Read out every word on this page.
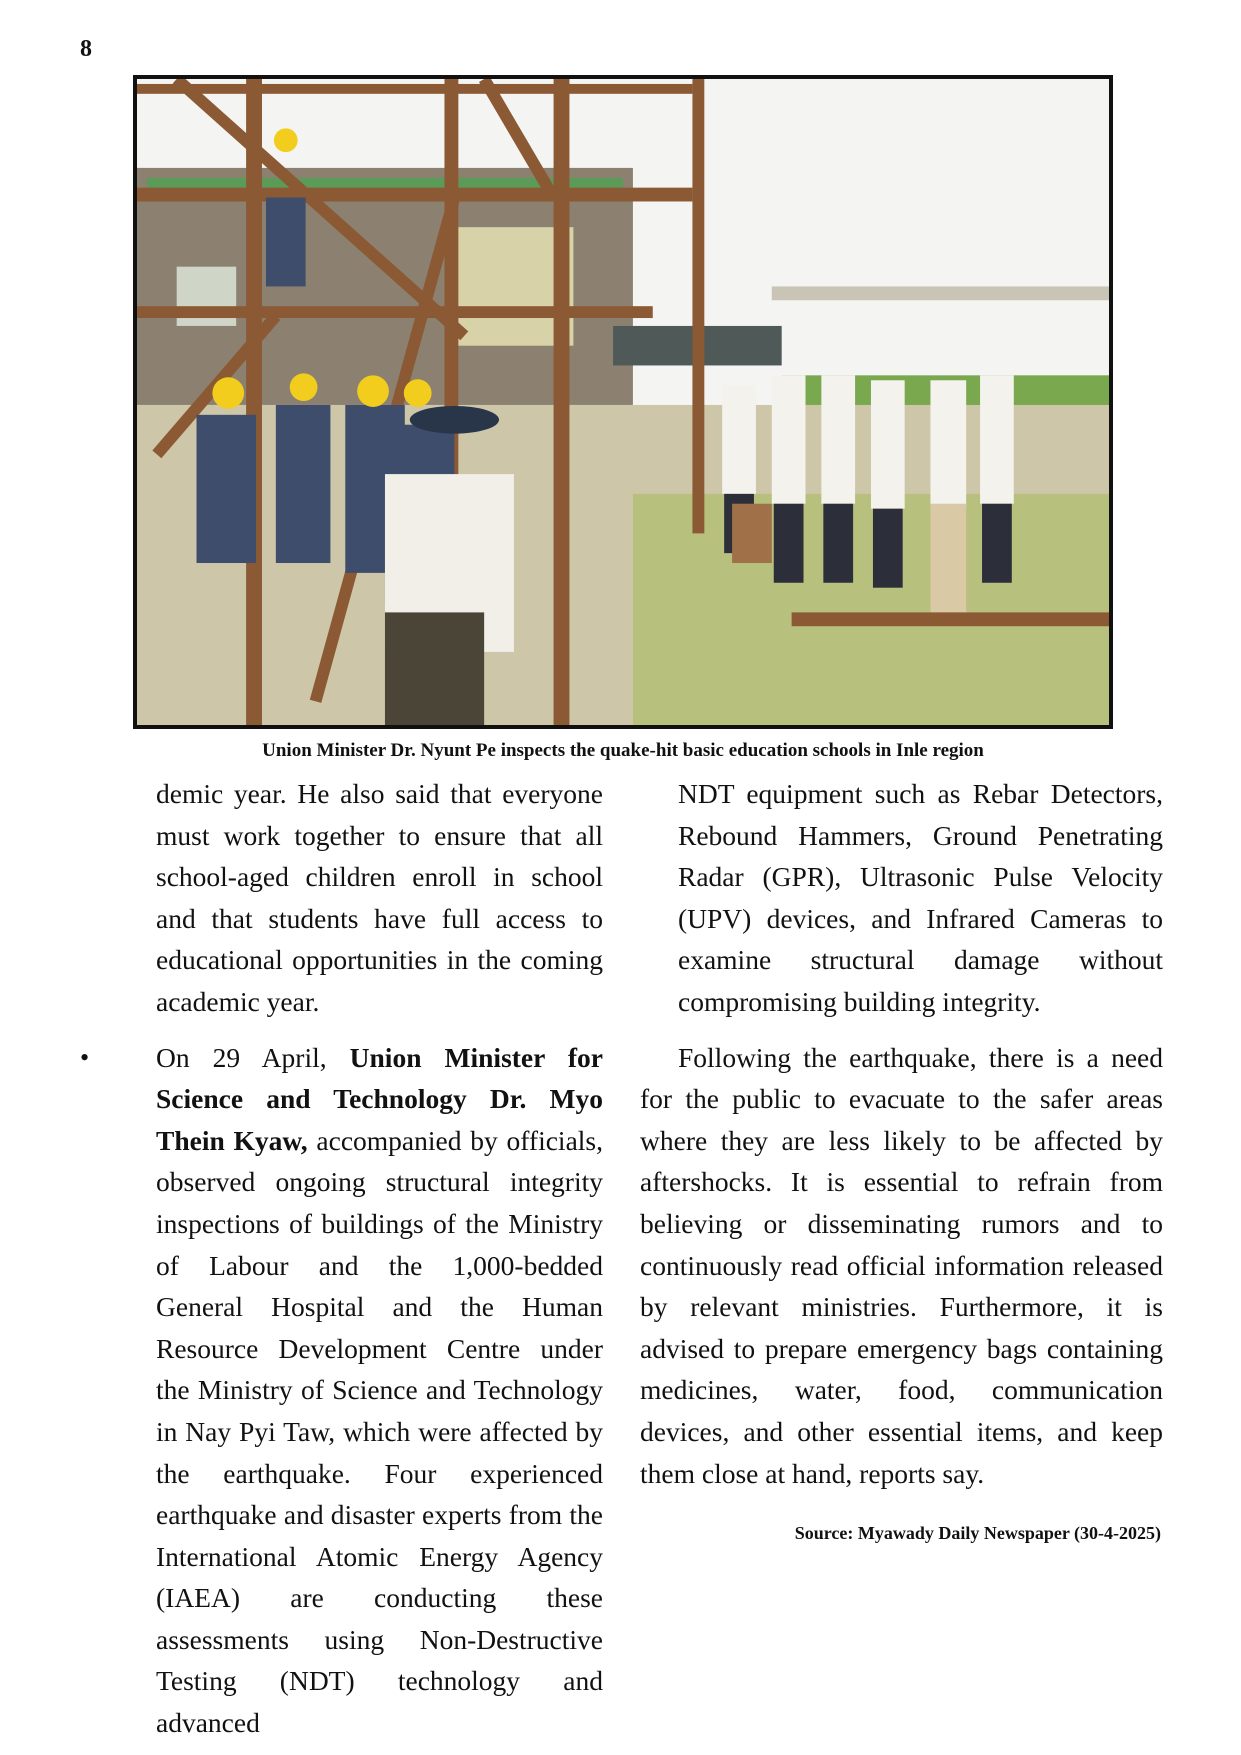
8
Union Minister Dr. Nyunt Pe inspects the quake-hit basic education schools in Inle region

demic year. He also said that everyone must work together to ensure that all school-aged children enroll in school and that students have full access to educational opportunities in the coming academic year.

• On 29 April, Union Minister for Science and Technology Dr. Myo Thein Kyaw, accompanied by officials, observed ongoing structural integrity inspections of buildings of the Ministry of Labour and the 1,000-bedded General Hospital and the Human Resource Development Centre under the Ministry of Science and Technology in Nay Pyi Taw, which were affected by the earthquake. Four experienced earthquake and disaster experts from the International Atomic Energy Agency (IAEA) are conducting these assessments using Non-Destructive Testing (NDT) technology and advanced

NDT equipment such as Rebar Detectors, Rebound Hammers, Ground Penetrating Radar (GPR), Ultrasonic Pulse Velocity (UPV) devices, and Infrared Cameras to examine structural damage without compromising building integrity.

Following the earthquake, there is a need for the public to evacuate to the safer areas where they are less likely to be affected by aftershocks. It is essential to refrain from believing or disseminating rumors and to continuously read official information released by relevant ministries. Furthermore, it is advised to prepare emergency bags containing medicines, water, food, communication devices, and other essential items, and keep them close at hand, reports say.

Source: Myawady Daily Newspaper (30-4-2025)
